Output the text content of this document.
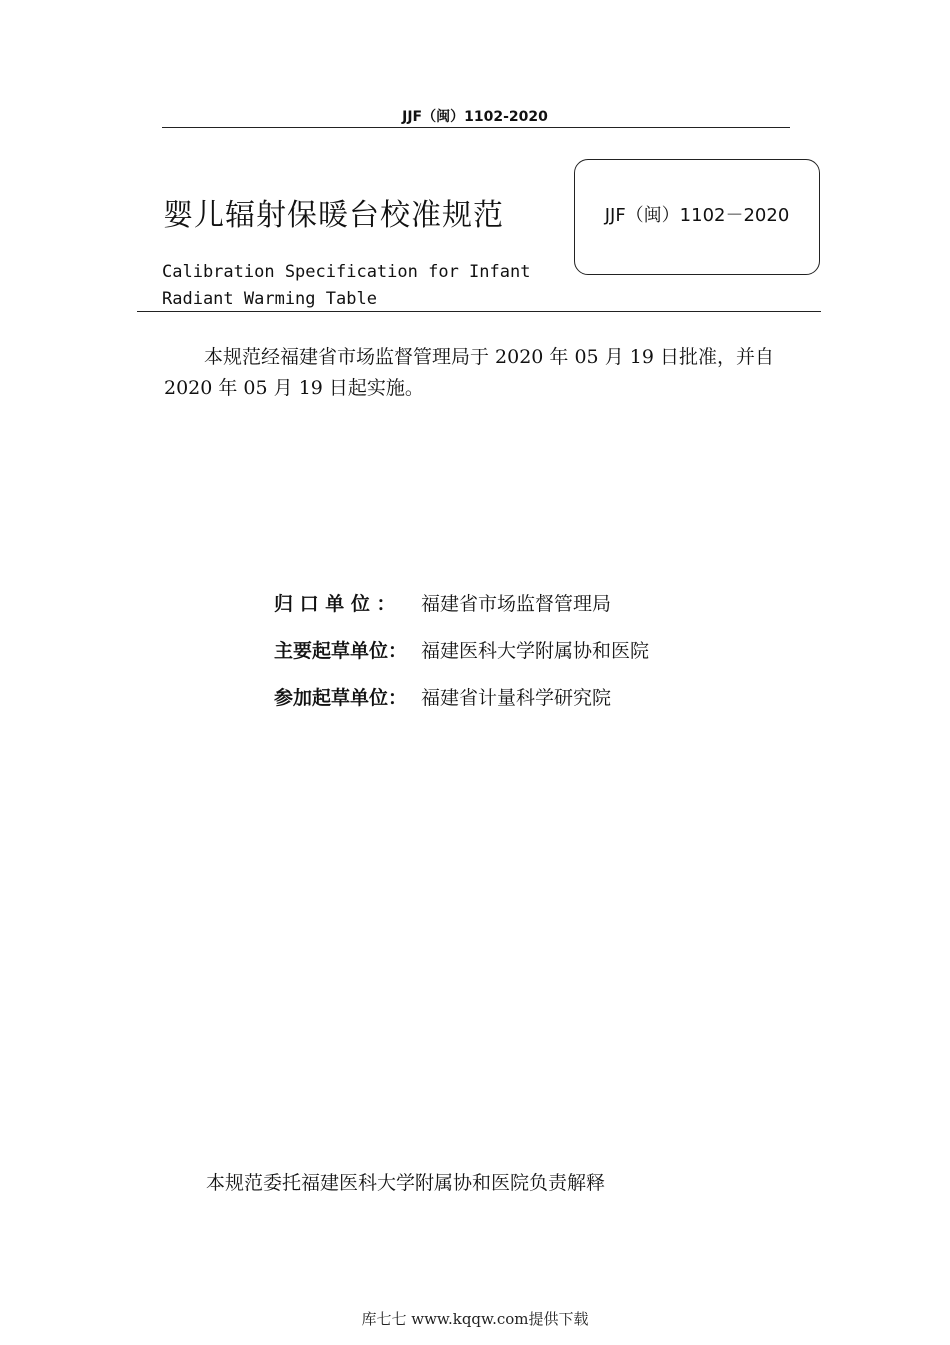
JJF（闽）1102-2020
婴儿辐射保暖台校准规范
Calibration Specification for Infant
Radiant Warming Table
JJF（闽）1102－2020
本规范经福建省市场监督管理局于 2020 年 05 月 19 日批准，并自 2020 年 05 月 19 日起实施。
归 口 单 位 ： 福建省市场监督管理局
主要起草单位： 福建医科大学附属协和医院
参加起草单位： 福建省计量科学研究院
本规范委托福建医科大学附属协和医院负责解释
库七七 www.kqqw.com提供下载
